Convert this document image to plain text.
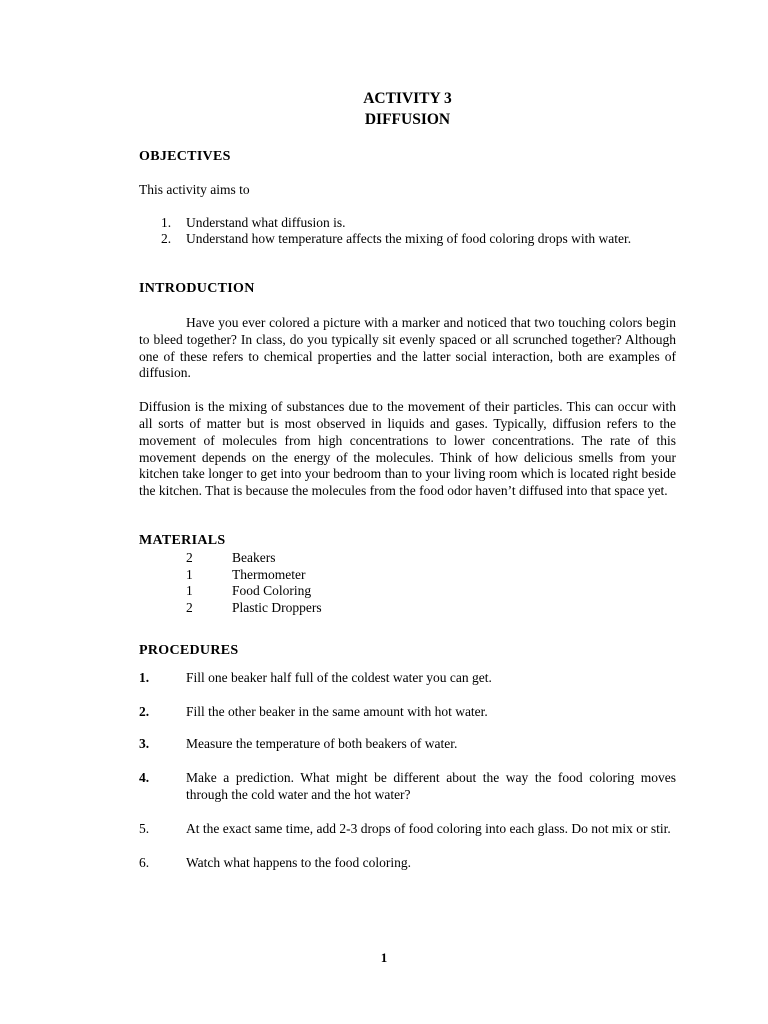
ACTIVITY 3
DIFFUSION
OBJECTIVES

This activity aims to

1.	Understand what diffusion is.
2.	Understand how temperature affects the mixing of food coloring drops with water.
INTRODUCTION

Have you ever colored a picture with a marker and noticed that two touching colors begin to bleed together? In class, do you typically sit evenly spaced or all scrunched together? Although one of these refers to chemical properties and the latter social interaction, both are examples of diffusion.

Diffusion is the mixing of substances due to the movement of their particles. This can occur with all sorts of matter but is most observed in liquids and gases. Typically, diffusion refers to the movement of molecules from high concentrations to lower concentrations. The rate of this movement depends on the energy of the molecules. Think of how delicious smells from your kitchen take longer to get into your bedroom than to your living room which is located right beside the kitchen. That is because the molecules from the food odor haven’t diffused into that space yet.

MATERIALS
2	Beakers
1	Thermometer
1	Food Coloring
2	Plastic Droppers
PROCEDURES
1.	Fill one beaker half full of the coldest water you can get.
2.	Fill the other beaker in the same amount with hot water.
3.	Measure the temperature of both beakers of water.
4.	Make a prediction. What might be different about the way the food coloring moves through the cold water and the hot water?
5.	At the exact same time, add 2-3 drops of food coloring into each glass. Do not mix or stir.
6.	Watch what happens to the food coloring.
1
